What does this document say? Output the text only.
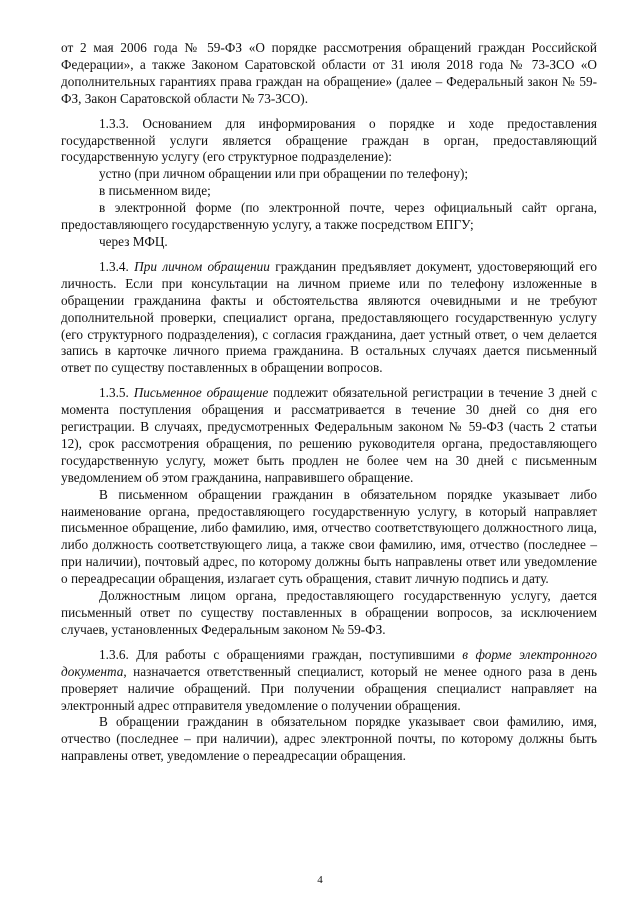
от 2 мая 2006 года № 59-ФЗ «О порядке рассмотрения обращений граждан Российской Федерации», а также Законом Саратовской области от 31 июля 2018 года № 73-ЗСО «О дополнительных гарантиях права граждан на обращение» (далее – Федеральный закон № 59-ФЗ, Закон Саратовской области № 73-ЗСО).

1.3.3. Основанием для информирования о порядке и ходе предоставления государственной услуги является обращение граждан в орган, предоставляющий государственную услугу (его структурное подразделение):

устно (при личном обращении или при обращении по телефону);

в письменном виде;

в электронной форме (по электронной почте, через официальный сайт органа, предоставляющего государственную услугу, а также посредством ЕПГУ;

через МФЦ.

1.3.4. При личном обращении гражданин предъявляет документ, удостоверяющий его личность. Если при консультации на личном приеме или по телефону изложенные в обращении гражданина факты и обстоятельства являются очевидными и не требуют дополнительной проверки, специалист органа, предоставляющего государственную услугу (его структурного подразделения), с согласия гражданина, дает устный ответ, о чем делается запись в карточке личного приема гражданина. В остальных случаях дается письменный ответ по существу поставленных в обращении вопросов.

1.3.5. Письменное обращение подлежит обязательной регистрации в течение 3 дней с момента поступления обращения и рассматривается в течение 30 дней со дня его регистрации. В случаях, предусмотренных Федеральным законом № 59-ФЗ (часть 2 статьи 12), срок рассмотрения обращения, по решению руководителя органа, предоставляющего государственную услугу, может быть продлен не более чем на 30 дней с письменным уведомлением об этом гражданина, направившего обращение.

В письменном обращении гражданин в обязательном порядке указывает либо наименование органа, предоставляющего государственную услугу, в который направляет письменное обращение, либо фамилию, имя, отчество соответствующего должностного лица, либо должность соответствующего лица, а также свои фамилию, имя, отчество (последнее – при наличии), почтовый адрес, по которому должны быть направлены ответ или уведомление о переадресации обращения, излагает суть обращения, ставит личную подпись и дату.

Должностным лицом органа, предоставляющего государственную услугу, дается письменный ответ по существу поставленных в обращении вопросов, за исключением случаев, установленных Федеральным законом № 59-ФЗ.

1.3.6. Для работы с обращениями граждан, поступившими в форме электронного документа, назначается ответственный специалист, который не менее одного раза в день проверяет наличие обращений. При получении обращения специалист направляет на электронный адрес отправителя уведомление о получении обращения.

В обращении гражданин в обязательном порядке указывает свои фамилию, имя, отчество (последнее – при наличии), адрес электронной почты, по которому должны быть направлены ответ, уведомление о переадресации обращения.

4
